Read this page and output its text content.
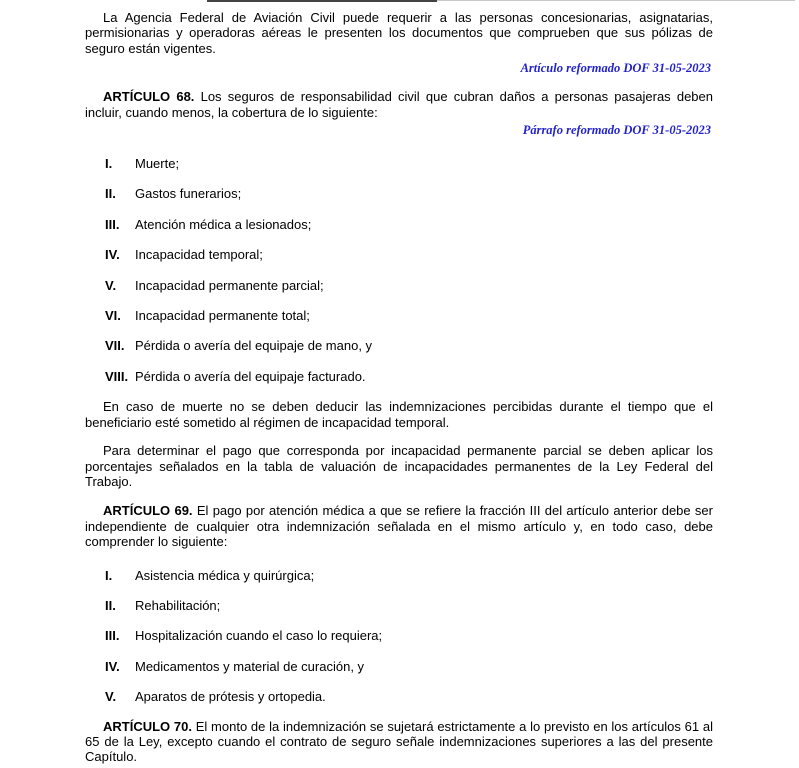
La Agencia Federal de Aviación Civil puede requerir a las personas concesionarias, asignatarias, permisionarias y operadoras aéreas le presenten los documentos que comprueben que sus pólizas de seguro están vigentes.

Artículo reformado DOF 31-05-2023

ARTÍCULO 68. Los seguros de responsabilidad civil que cubran daños a personas pasajeras deben incluir, cuando menos, la cobertura de lo siguiente:

Párrafo reformado DOF 31-05-2023
I.	Muerte;
II.	Gastos funerarios;
III.	Atención médica a lesionados;
IV.	Incapacidad temporal;
V.	Incapacidad permanente parcial;
VI.	Incapacidad permanente total;
VII. Pérdida o avería del equipaje de mano, y
VIII. Pérdida o avería del equipaje facturado.

En caso de muerte no se deben deducir las indemnizaciones percibidas durante el tiempo que el beneficiario esté sometido al régimen de incapacidad temporal.

Para determinar el pago que corresponda por incapacidad permanente parcial se deben aplicar los porcentajes señalados en la tabla de valuación de incapacidades permanentes de la Ley Federal del Trabajo.

ARTÍCULO 69. El pago por atención médica a que se refiere la fracción III del artículo anterior debe ser independiente de cualquier otra indemnización señalada en el mismo artículo y, en todo caso, debe comprender lo siguiente:

I.	Asistencia médica y quirúrgica;
II.	Rehabilitación;
III.	Hospitalización cuando el caso lo requiera;
IV.	Medicamentos y material de curación, y
V.	Aparatos de prótesis y ortopedia.

ARTÍCULO 70. El monto de la indemnización se sujetará estrictamente a lo previsto en los artículos 61 al 65 de la Ley, excepto cuando el contrato de seguro señale indemnizaciones superiores a las del presente Capítulo.
